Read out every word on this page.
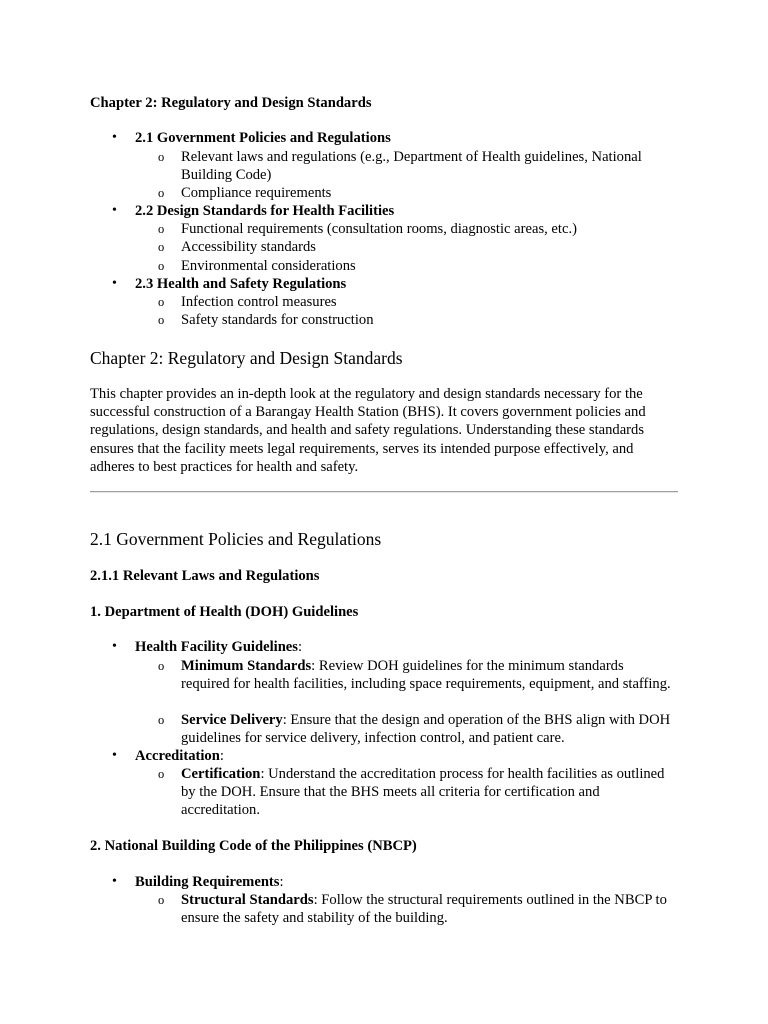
Chapter 2: Regulatory and Design Standards

• 2.1 Government Policies and Regulations
o Relevant laws and regulations (e.g., Department of Health guidelines, National Building Code)
o Compliance requirements
• 2.2 Design Standards for Health Facilities
o Functional requirements (consultation rooms, diagnostic areas, etc.)
o Accessibility standards
o Environmental considerations
• 2.3 Health and Safety Regulations
o Infection control measures
o Safety standards for construction
Chapter 2: Regulatory and Design Standards

This chapter provides an in-depth look at the regulatory and design standards necessary for the successful construction of a Barangay Health Station (BHS). It covers government policies and regulations, design standards, and health and safety regulations. Understanding these standards ensures that the facility meets legal requirements, serves its intended purpose effectively, and adheres to best practices for health and safety.

2.1 Government Policies and Regulations
2.1.1 Relevant Laws and Regulations
1. Department of Health (DOH) Guidelines
• Health Facility Guidelines:
o Minimum Standards: Review DOH guidelines for the minimum standards required for health facilities, including space requirements, equipment, and staffing.
o Service Delivery: Ensure that the design and operation of the BHS align with DOH guidelines for service delivery, infection control, and patient care.
• Accreditation:
o Certification: Understand the accreditation process for health facilities as outlined by the DOH. Ensure that the BHS meets all criteria for certification and accreditation.
2. National Building Code of the Philippines (NBCP)
• Building Requirements:
o Structural Standards: Follow the structural requirements outlined in the NBCP to ensure the safety and stability of the building.
